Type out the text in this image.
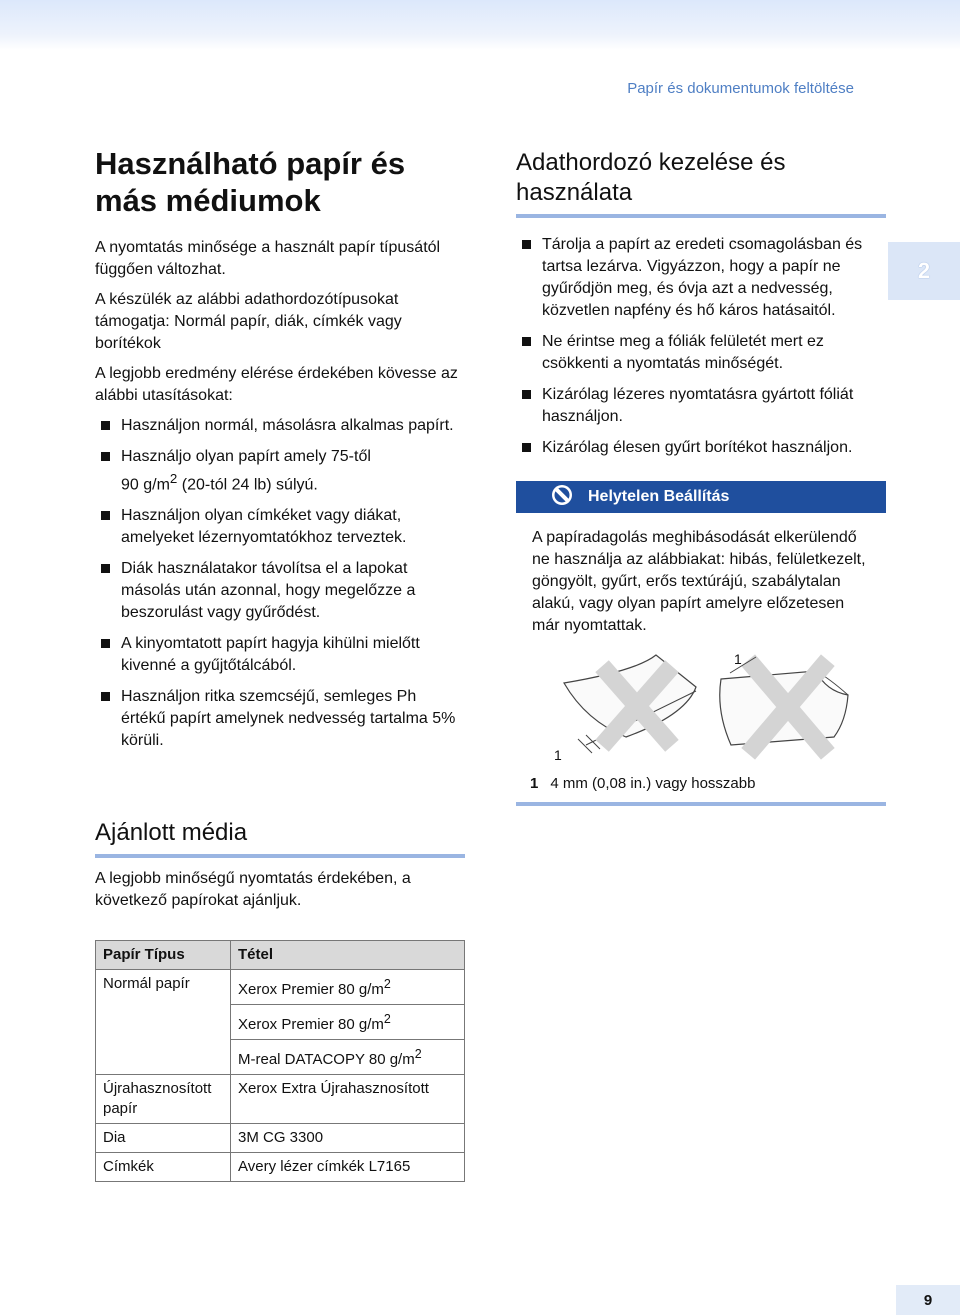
Papír és dokumentumok feltöltése
Használható papír és más médiumok

A nyomtatás minősége a használt papír típusától függően változhat.

A készülék az alábbi adathordozótípusokat támogatja: Normál papír, diák, címkék vagy borítékok

A legjobb eredmény elérése érdekében kövesse az alábbi utasításokat:

Használjon normál, másolásra alkalmas papírt.
Használjo olyan papírt amely 75-től
90 $g/m^2$ (20-tól 24 lb) súlyú.
Használjon olyan címkéket vagy diákat, amelyeket lézernyomtatókhoz terveztek.
Diák használatakor távolítsa el a lapokat másolás után azonnal, hogy megelőzze a beszorulást vagy gyűrődést.
A kinyomtatott papírt hagyja kihülni mielőtt kivenné a gyűjtőtálcából.
Használjon ritka szemcséjű, semleges Ph értékű papírt amelynek nedvesség tartalma 5% körüli.
Ajánlott média

A legjobb minőségű nyomtatás érdekében, a következő papírokat ajánljuk.

Papír Típus	Tétel
Normál papír	Xerox Premier 80 $g/m^2$
	Xerox Premier 80 $g/m^2$
	M-real DATACOPY 80 $g/m^2$
Újrahasznosított papír	Xerox Extra Újrahasznosított
Dia	3M CG 3300
Címkék	Avery lézer címkék L7165
Adathordozó kezelése és használata
Tárolja a papírt az eredeti csomagolásban és tartsa lezárva. Vigyázzon, hogy a papír ne gyűrődjön meg, és óvja azt a nedvesség, közvetlen napfény és hő káros hatásaitól.
Ne érintse meg a fóliák felületét mert ez csökkenti a nyomtatás minőségét.
Kizárólag lézeres nyomtatásra gyártott fóliát használjon.
Kizárólag élesen gyűrt borítékot használjon.
Helytelen Beállítás

A papíradagolás meghibásodását elkerülendő ne használja az alábbiakat: hibás, felületkezelt, göngyölt, gyűrt, erős textúrájú, szabálytalan alakú, vagy olyan papírt amelyre előzetesen már nyomtattak.

1
1
1 4 mm (0,08 in.) vagy hosszabb
2
9
